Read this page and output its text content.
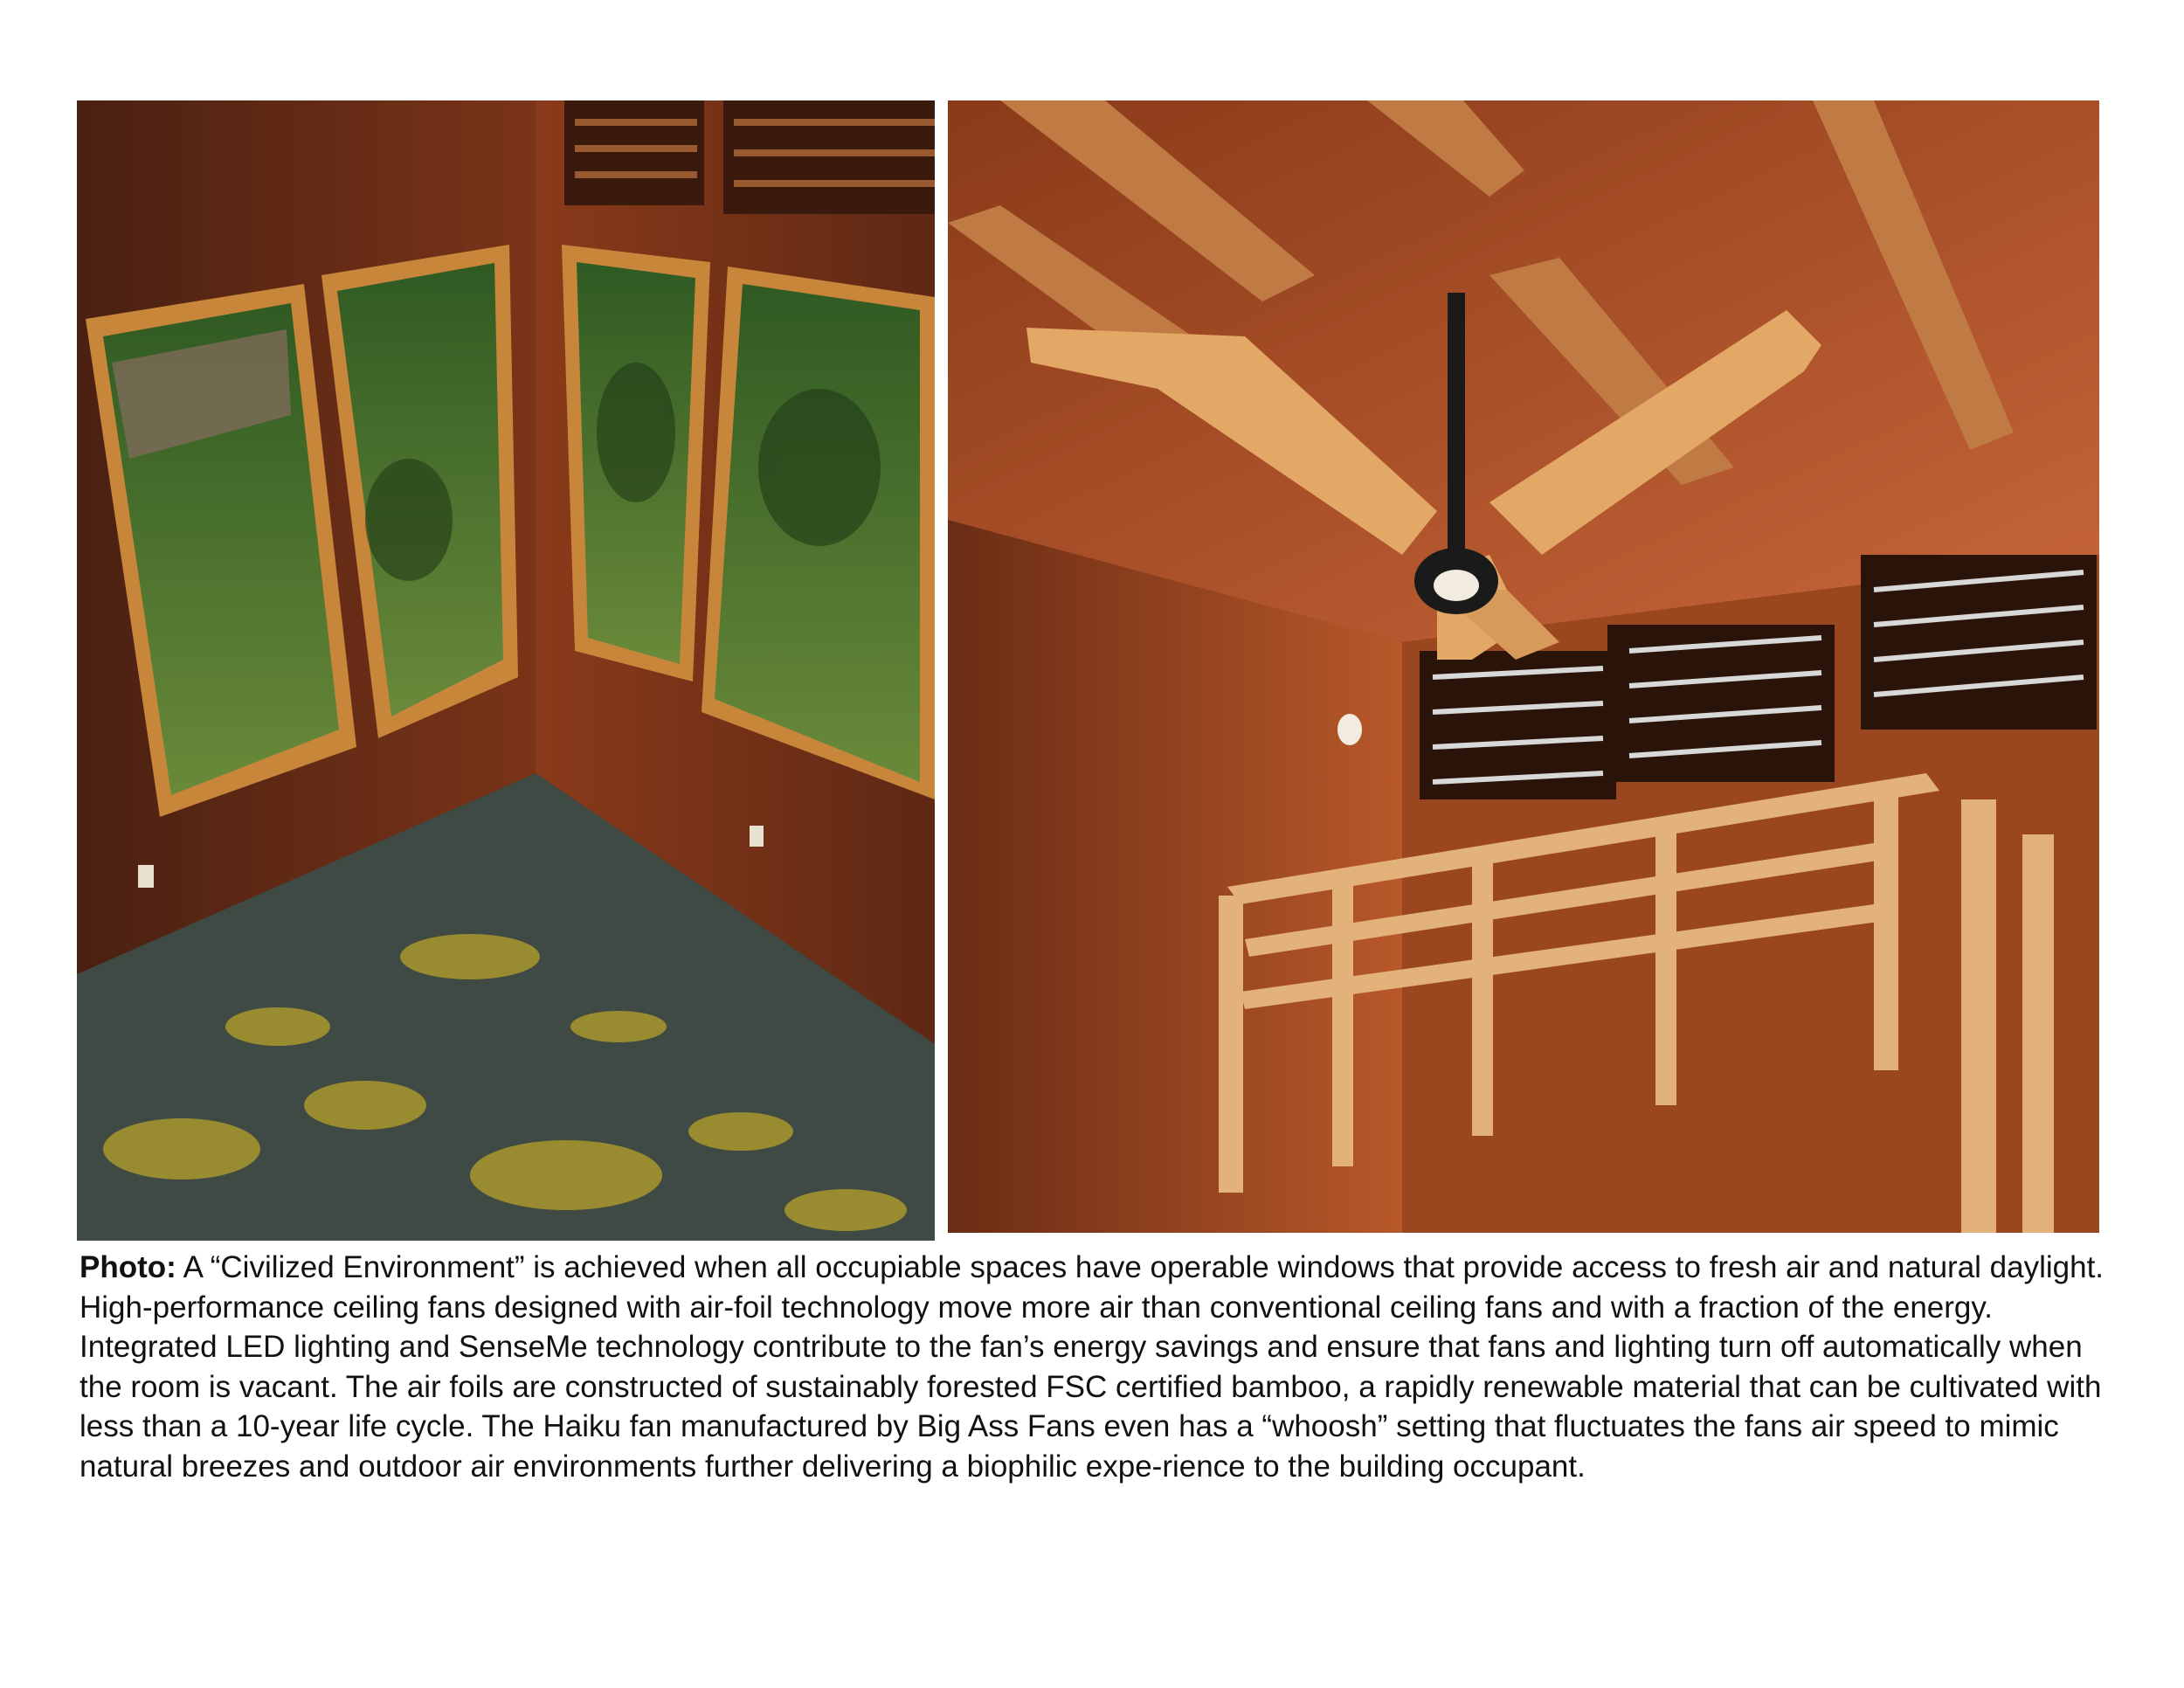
Photo: A “Civilized Environment” is achieved when all occupiable spaces have operable windows that provide access to fresh air and natural daylight. High-performance ceiling fans designed with air-foil technology move more air than conventional ceiling fans and with a fraction of the energy. Integrated LED lighting and SenseMe technology contribute to the fan’s energy savings and ensure that fans and lighting turn off automatically when the room is vacant. The air foils are constructed of sustainably forested FSC certified bamboo, a rapidly renewable material that can be cultivated with less than a 10-year life cycle. The Haiku fan manufactured by Big Ass Fans even has a “whoosh” setting that fluctuates the fans air speed to mimic natural breezes and outdoor air environments further delivering a biophilic expe-rience to the building occupant.
